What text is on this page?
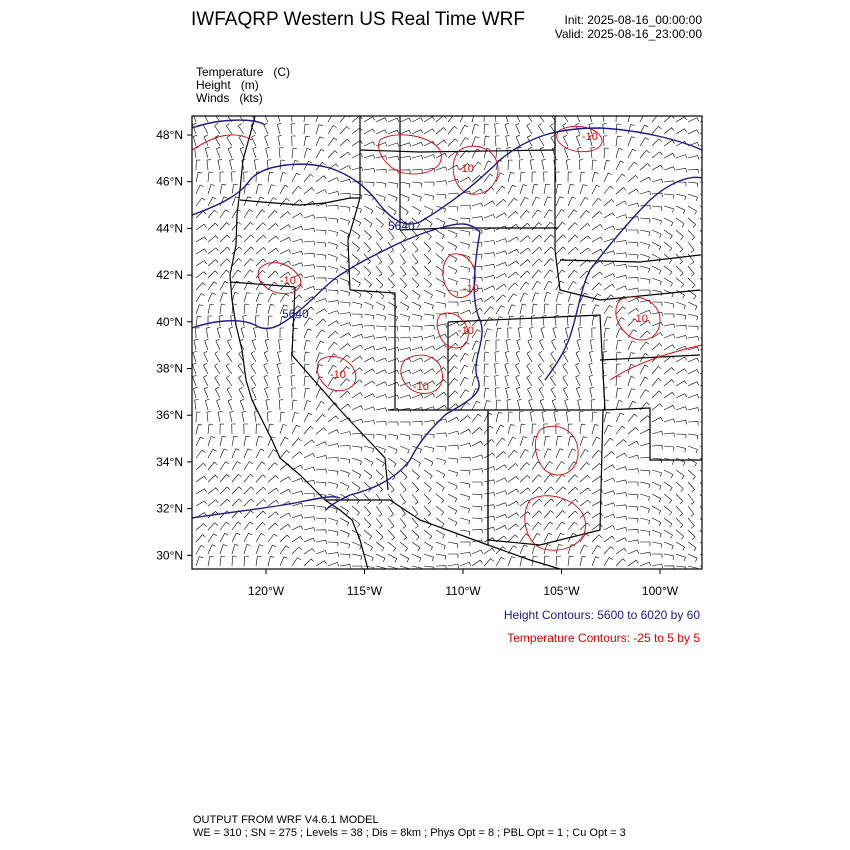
IWFAQRP Western US Real Time WRF	Init: 2025-08-16_00:00:00
Valid: 2025-08-16_23:00:00
Temperature (C)
Height (m)
Winds (kts)
5640
5640
-10
-10
-10
-10
-10
-10
-10
-10
48°N
46°N
44°N
42°N
40°N
38°N
36°N
34°N
32°N
30°N
120°W	115°W	110°W	105°W	100°W
Height Contours: 5600 to 6020 by 60
Temperature Contours: -25 to 5 by 5
OUTPUT FROM WRF V4.6.1 MODEL
WE = 310 ; SN = 275 ; Levels = 38 ; Dis = 8km ; Phys Opt = 8 ; PBL Opt = 1 ; Cu Opt = 3
